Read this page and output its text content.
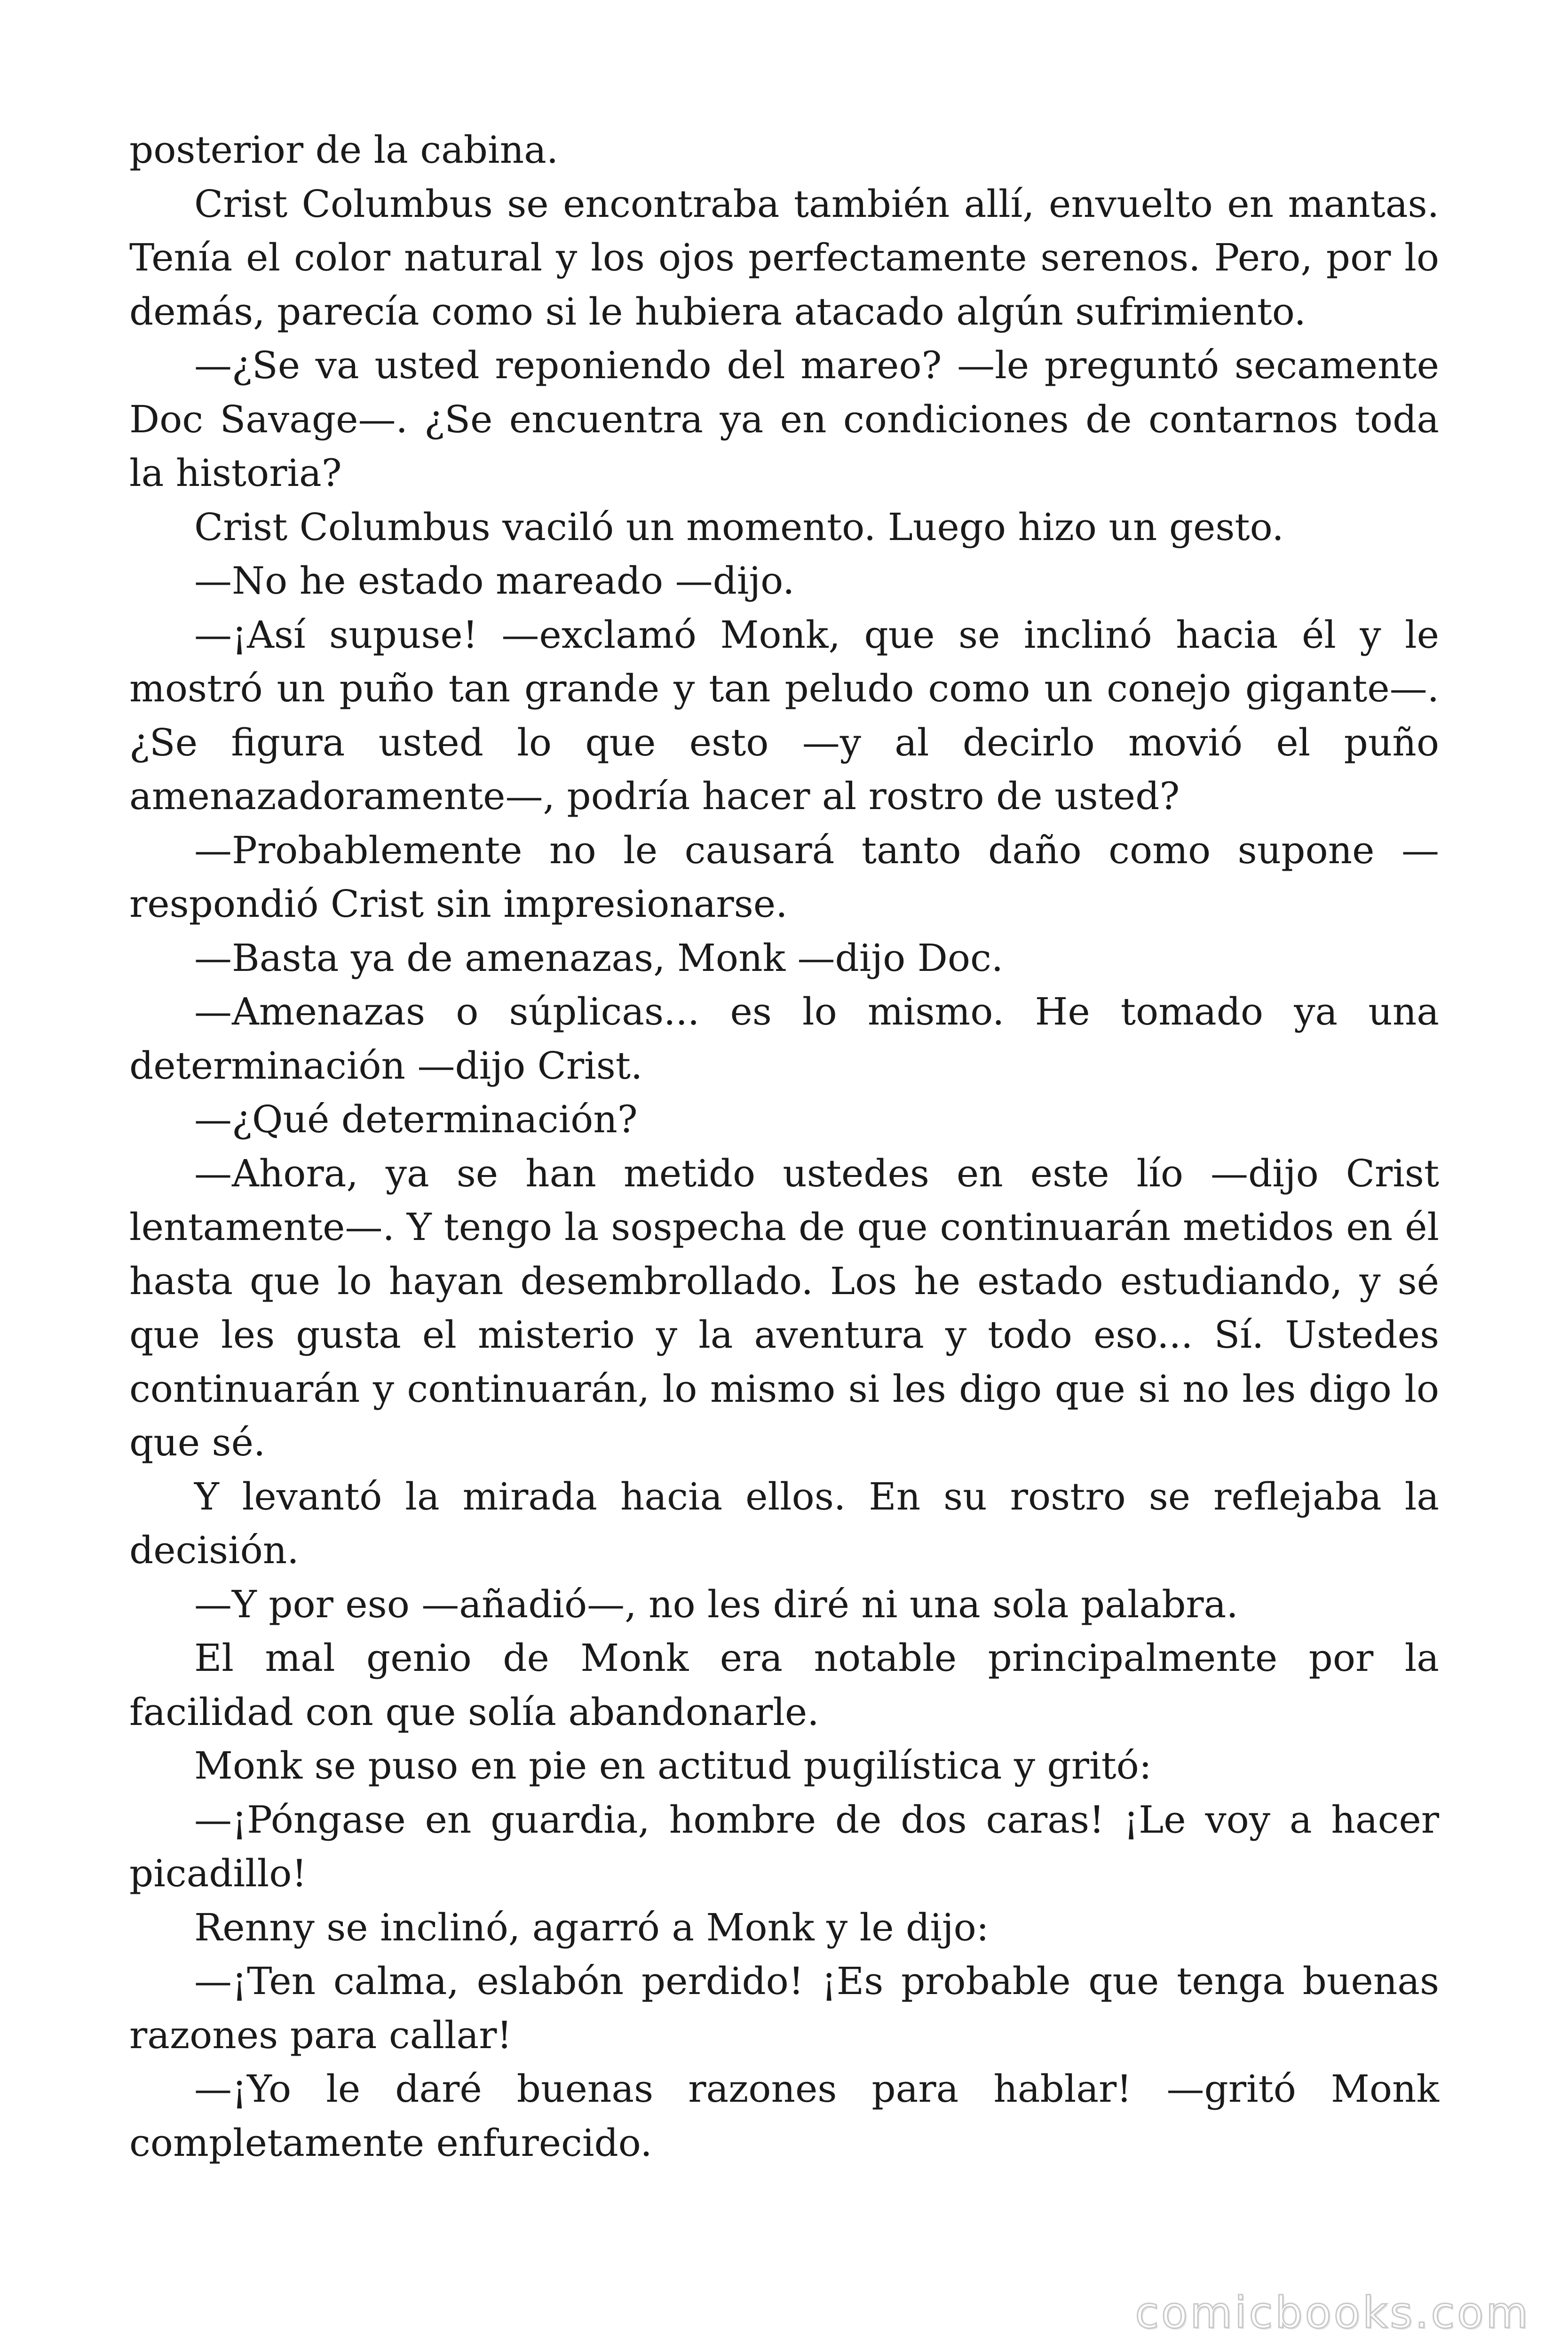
posterior de la cabina.

Crist Columbus se encontraba también allí, envuelto en mantas. Tenía el color natural y los ojos perfectamente serenos. Pero, por lo demás, parecía como si le hubiera atacado algún sufrimiento.

—¿Se va usted reponiendo del mareo? —le preguntó secamente Doc Savage—. ¿Se encuentra ya en condiciones de contarnos toda la historia?

Crist Columbus vaciló un momento. Luego hizo un gesto.

—No he estado mareado —dijo.

—¡Así supuse! —exclamó Monk, que se inclinó hacia él y le mostró un puño tan grande y tan peludo como un conejo gigante—. ¿Se figura usted lo que esto —y al decirlo movió el puño amenazadoramente—, podría hacer al rostro de usted?

—Probablemente no le causará tanto daño como supone — respondió Crist sin impresionarse.

—Basta ya de amenazas, Monk —dijo Doc.

—Amenazas o súplicas... es lo mismo. He tomado ya una determinación —dijo Crist.

—¿Qué determinación?

—Ahora, ya se han metido ustedes en este lío —dijo Crist lentamente—. Y tengo la sospecha de que continuarán metidos en él hasta que lo hayan desembrollado. Los he estado estudiando, y sé que les gusta el misterio y la aventura y todo eso... Sí. Ustedes continuarán y continuarán, lo mismo si les digo que si no les digo lo que sé.

Y levantó la mirada hacia ellos. En su rostro se reflejaba la decisión.

—Y por eso —añadió—, no les diré ni una sola palabra.

El mal genio de Monk era notable principalmente por la facilidad con que solía abandonarle.

Monk se puso en pie en actitud pugilística y gritó:

—¡Póngase en guardia, hombre de dos caras! ¡Le voy a hacer picadillo!

Renny se inclinó, agarró a Monk y le dijo:

—¡Ten calma, eslabón perdido! ¡Es probable que tenga buenas razones para callar!

—¡Yo le daré buenas razones para hablar! —gritó Monk completamente enfurecido.

comicbooks.com
